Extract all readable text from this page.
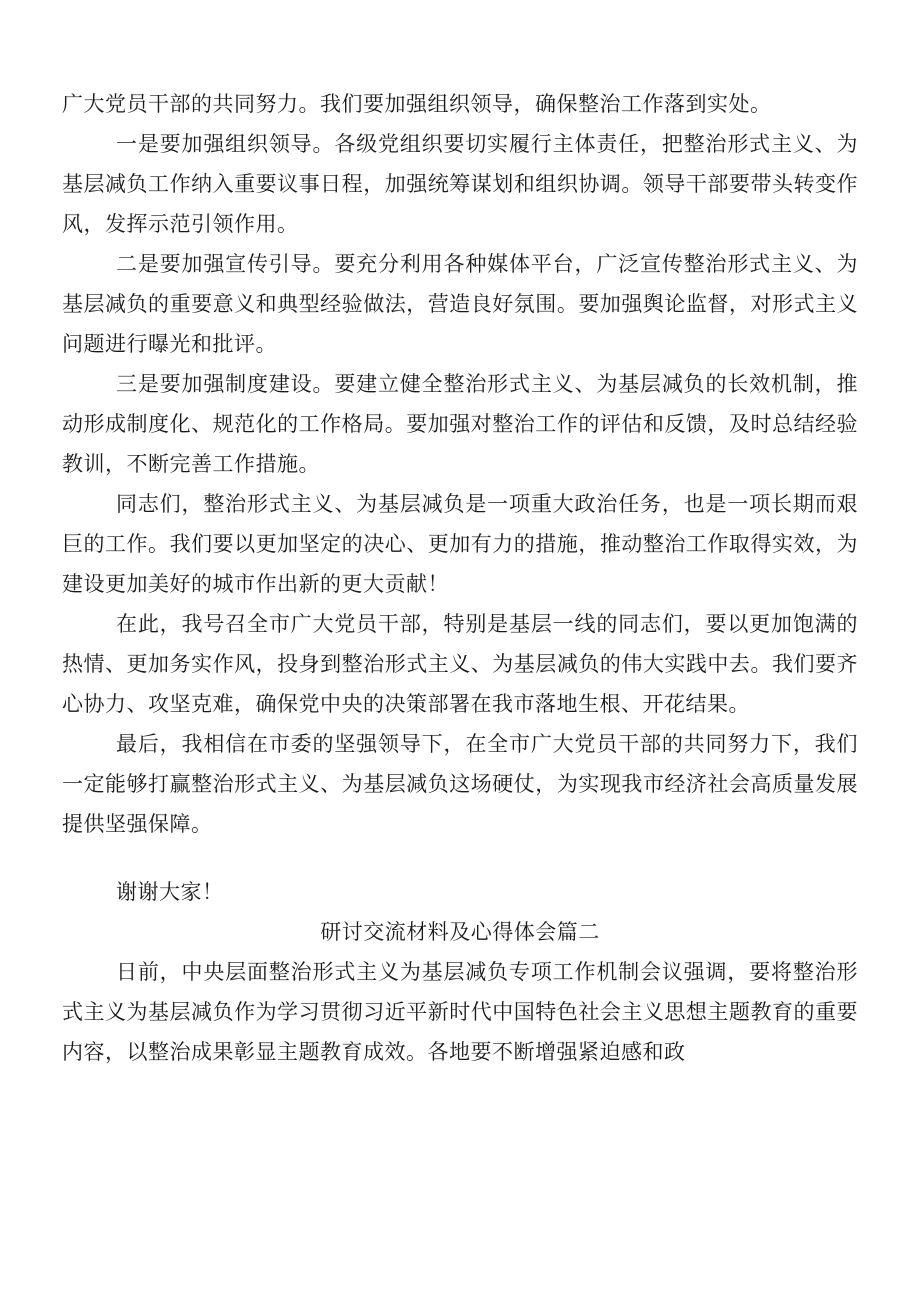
广大党员干部的共同努力。我们要加强组织领导，确保整治工作落到实处。

一是要加强组织领导。各级党组织要切实履行主体责任，把整治形式主义、为基层减负工作纳入重要议事日程，加强统筹谋划和组织协调。领导干部要带头转变作风，发挥示范引领作用。

二是要加强宣传引导。要充分利用各种媒体平台，广泛宣传整治形式主义、为基层减负的重要意义和典型经验做法，营造良好氛围。要加强舆论监督，对形式主义问题进行曝光和批评。

三是要加强制度建设。要建立健全整治形式主义、为基层减负的长效机制，推动形成制度化、规范化的工作格局。要加强对整治工作的评估和反馈，及时总结经验教训，不断完善工作措施。

同志们，整治形式主义、为基层减负是一项重大政治任务，也是一项长期而艰巨的工作。我们要以更加坚定的决心、更加有力的措施，推动整治工作取得实效，为建设更加美好的城市作出新的更大贡献！

在此，我号召全市广大党员干部，特别是基层一线的同志们，要以更加饱满的热情、更加务实作风，投身到整治形式主义、为基层减负的伟大实践中去。我们要齐心协力、攻坚克难，确保党中央的决策部署在我市落地生根、开花结果。

最后，我相信在市委的坚强领导下，在全市广大党员干部的共同努力下，我们一定能够打赢整治形式主义、为基层减负这场硬仗，为实现我市经济社会高质量发展提供坚强保障。

谢谢大家！

研讨交流材料及心得体会篇二

日前，中央层面整治形式主义为基层减负专项工作机制会议强调，要将整治形式主义为基层减负作为学习贯彻习近平新时代中国特色社会主义思想主题教育的重要内容，以整治成果彰显主题教育成效。各地要不断增强紧迫感和政
